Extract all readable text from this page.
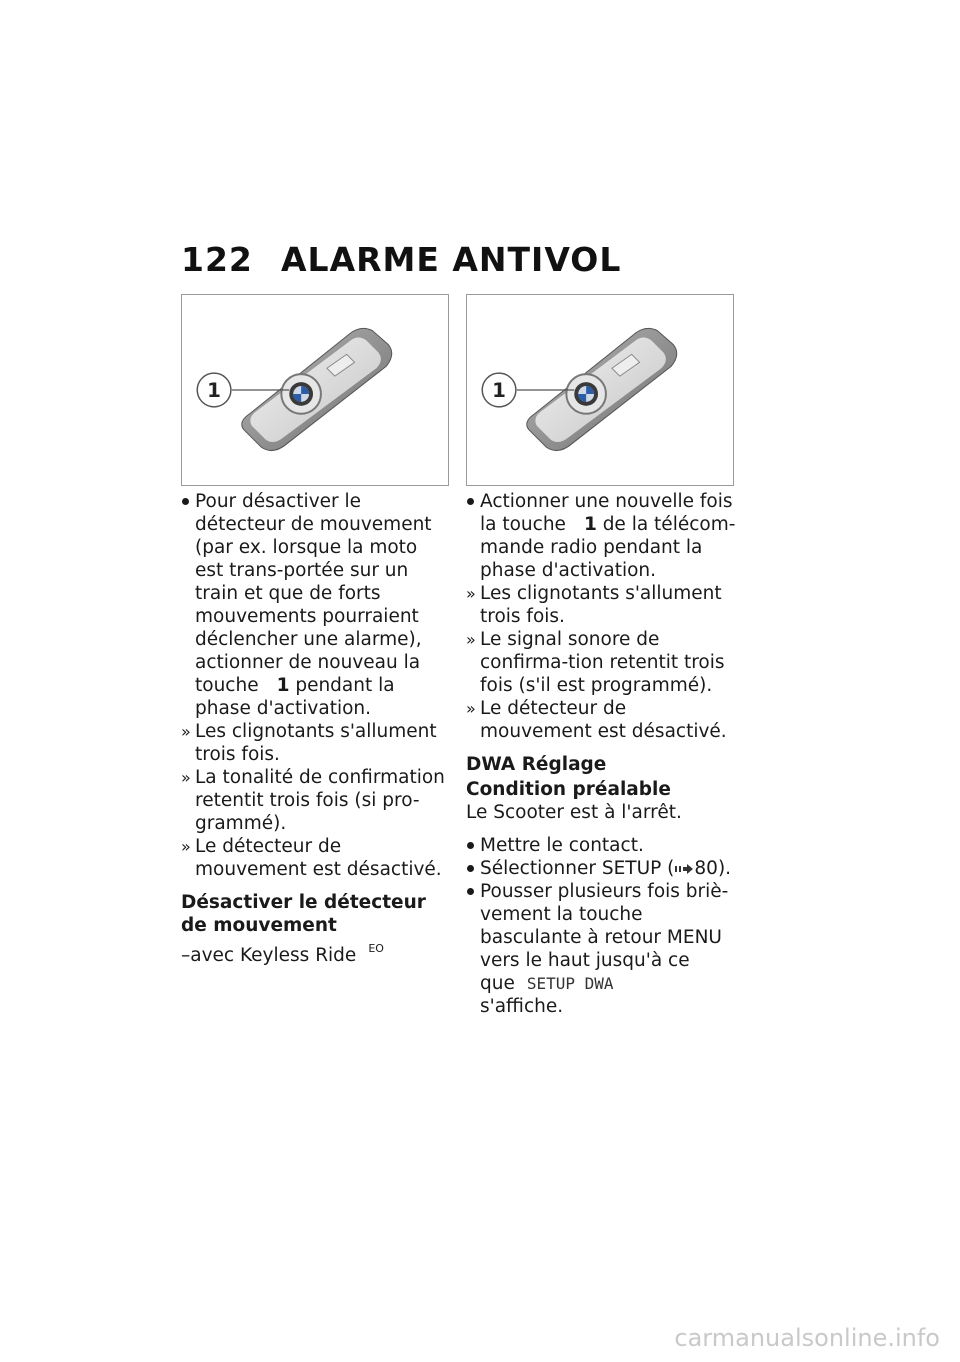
122 ALARME ANTIVOL
1	1
Pour désactiver le détecteur de mouvement (par ex. lorsque la moto est trans-portée sur un train et que de forts mouvements pourraient déclencher une alarme), actionner de nouveau la touche 1 pendant la phase d'activation.
» Les clignotants s'allument trois fois.
» La tonalité de confirmation retentit trois fois (si pro-grammé).
» Le détecteur de mouvement est désactivé.
Désactiver le détecteur de mouvement
–avec Keyless Ride $^{EO}$
Actionner une nouvelle fois la touche 1 de la télécom-mande radio pendant la phase d'activation.
» Les clignotants s'allument trois fois.
» Le signal sonore de confirma-tion retentit trois fois (s'il est programmé).
» Le détecteur de mouvement est désactivé.
DWA Réglage
Condition préalable
Le Scooter est à l'arrêt.
Mettre le contact.
Sélectionner SETUP ( 80).
Pousser plusieurs fois briè-vement la touche basculante à retour MENU vers le haut jusqu'à ce que SETUP DWA
s'affiche.
carmanualsonline.info
